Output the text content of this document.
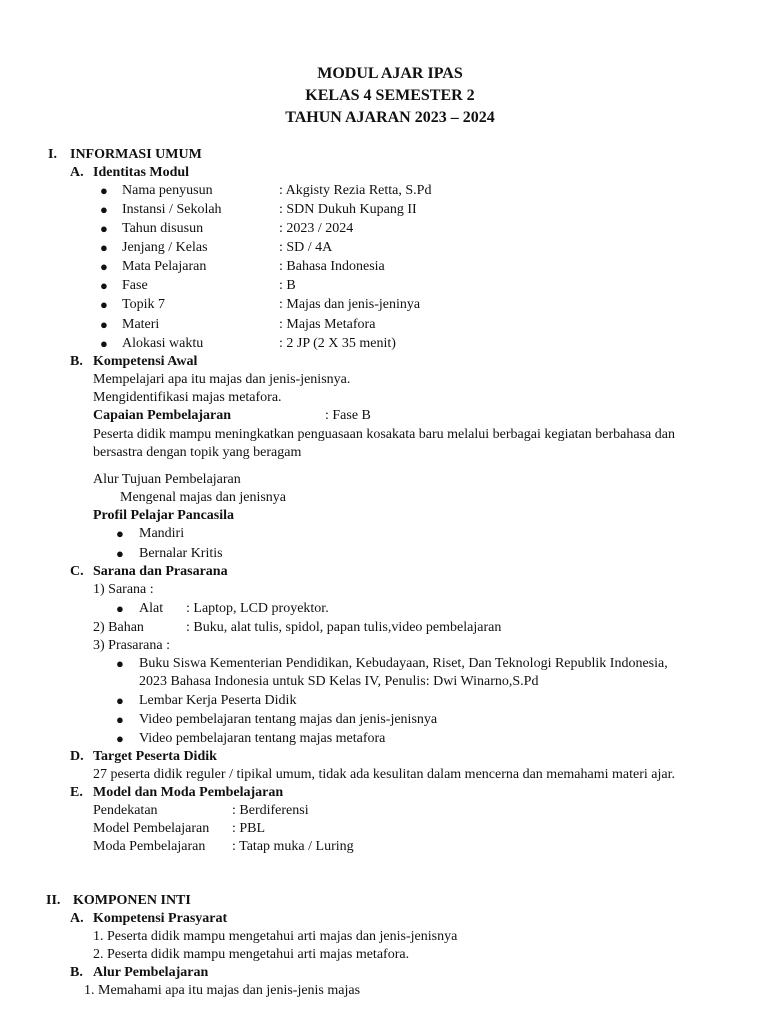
MODUL AJAR IPAS
KELAS 4 SEMESTER 2
TAHUN AJARAN 2023 – 2024
I. INFORMASI UMUM
A. Identitas Modul
● Nama penyusun	: Akgisty Rezia Retta, S.Pd
● Instansi / Sekolah	: SDN Dukuh Kupang II
● Tahun disusun	: 2023 / 2024
● Jenjang / Kelas	: SD / 4A
● Mata Pelajaran	: Bahasa Indonesia
● Fase	: B
● Topik 7	: Majas dan jenis-jeninya
● Materi	: Majas Metafora
● Alokasi waktu	: 2 JP (2 X 35 menit)
B. Kompetensi Awal
Mempelajari apa itu majas dan jenis-jenisnya.
Mengidentifikasi majas metafora.
Capaian Pembelajaran	: Fase B
Peserta didik mampu meningkatkan penguasaan kosakata baru melalui berbagai kegiatan berbahasa dan
bersastra dengan topik yang beragam
Alur Tujuan Pembelajaran
Mengenal majas dan jenisnya
Profil Pelajar Pancasila
● Mandiri
● Bernalar Kritis
C. Sarana dan Prasarana
1) Sarana :
● Alat : Laptop, LCD proyektor.
2) Bahan	: Buku, alat tulis, spidol, papan tulis,video pembelajaran
3) Prasarana :
● Buku Siswa Kementerian Pendidikan, Kebudayaan, Riset, Dan Teknologi Republik Indonesia,
2023 Bahasa Indonesia untuk SD Kelas IV, Penulis: Dwi Winarno,S.Pd
● Lembar Kerja Peserta Didik
● Video pembelajaran tentang majas dan jenis-jenisnya
● Video pembelajaran tentang majas metafora
D. Target Peserta Didik
27 peserta didik reguler / tipikal umum, tidak ada kesulitan dalam mencerna dan memahami materi ajar.
E. Model dan Moda Pembelajaran
Pendekatan	: Berdiferensi
Model Pembelajaran : PBL
Moda Pembelajaran : Tatap muka / Luring
II. KOMPONEN INTI
A. Kompetensi Prasyarat
1. Peserta didik mampu mengetahui arti majas dan jenis-jenisnya
2. Peserta didik mampu mengetahui arti majas metafora.
B. Alur Pembelajaran
1. Memahami apa itu majas dan jenis-jenis majas
